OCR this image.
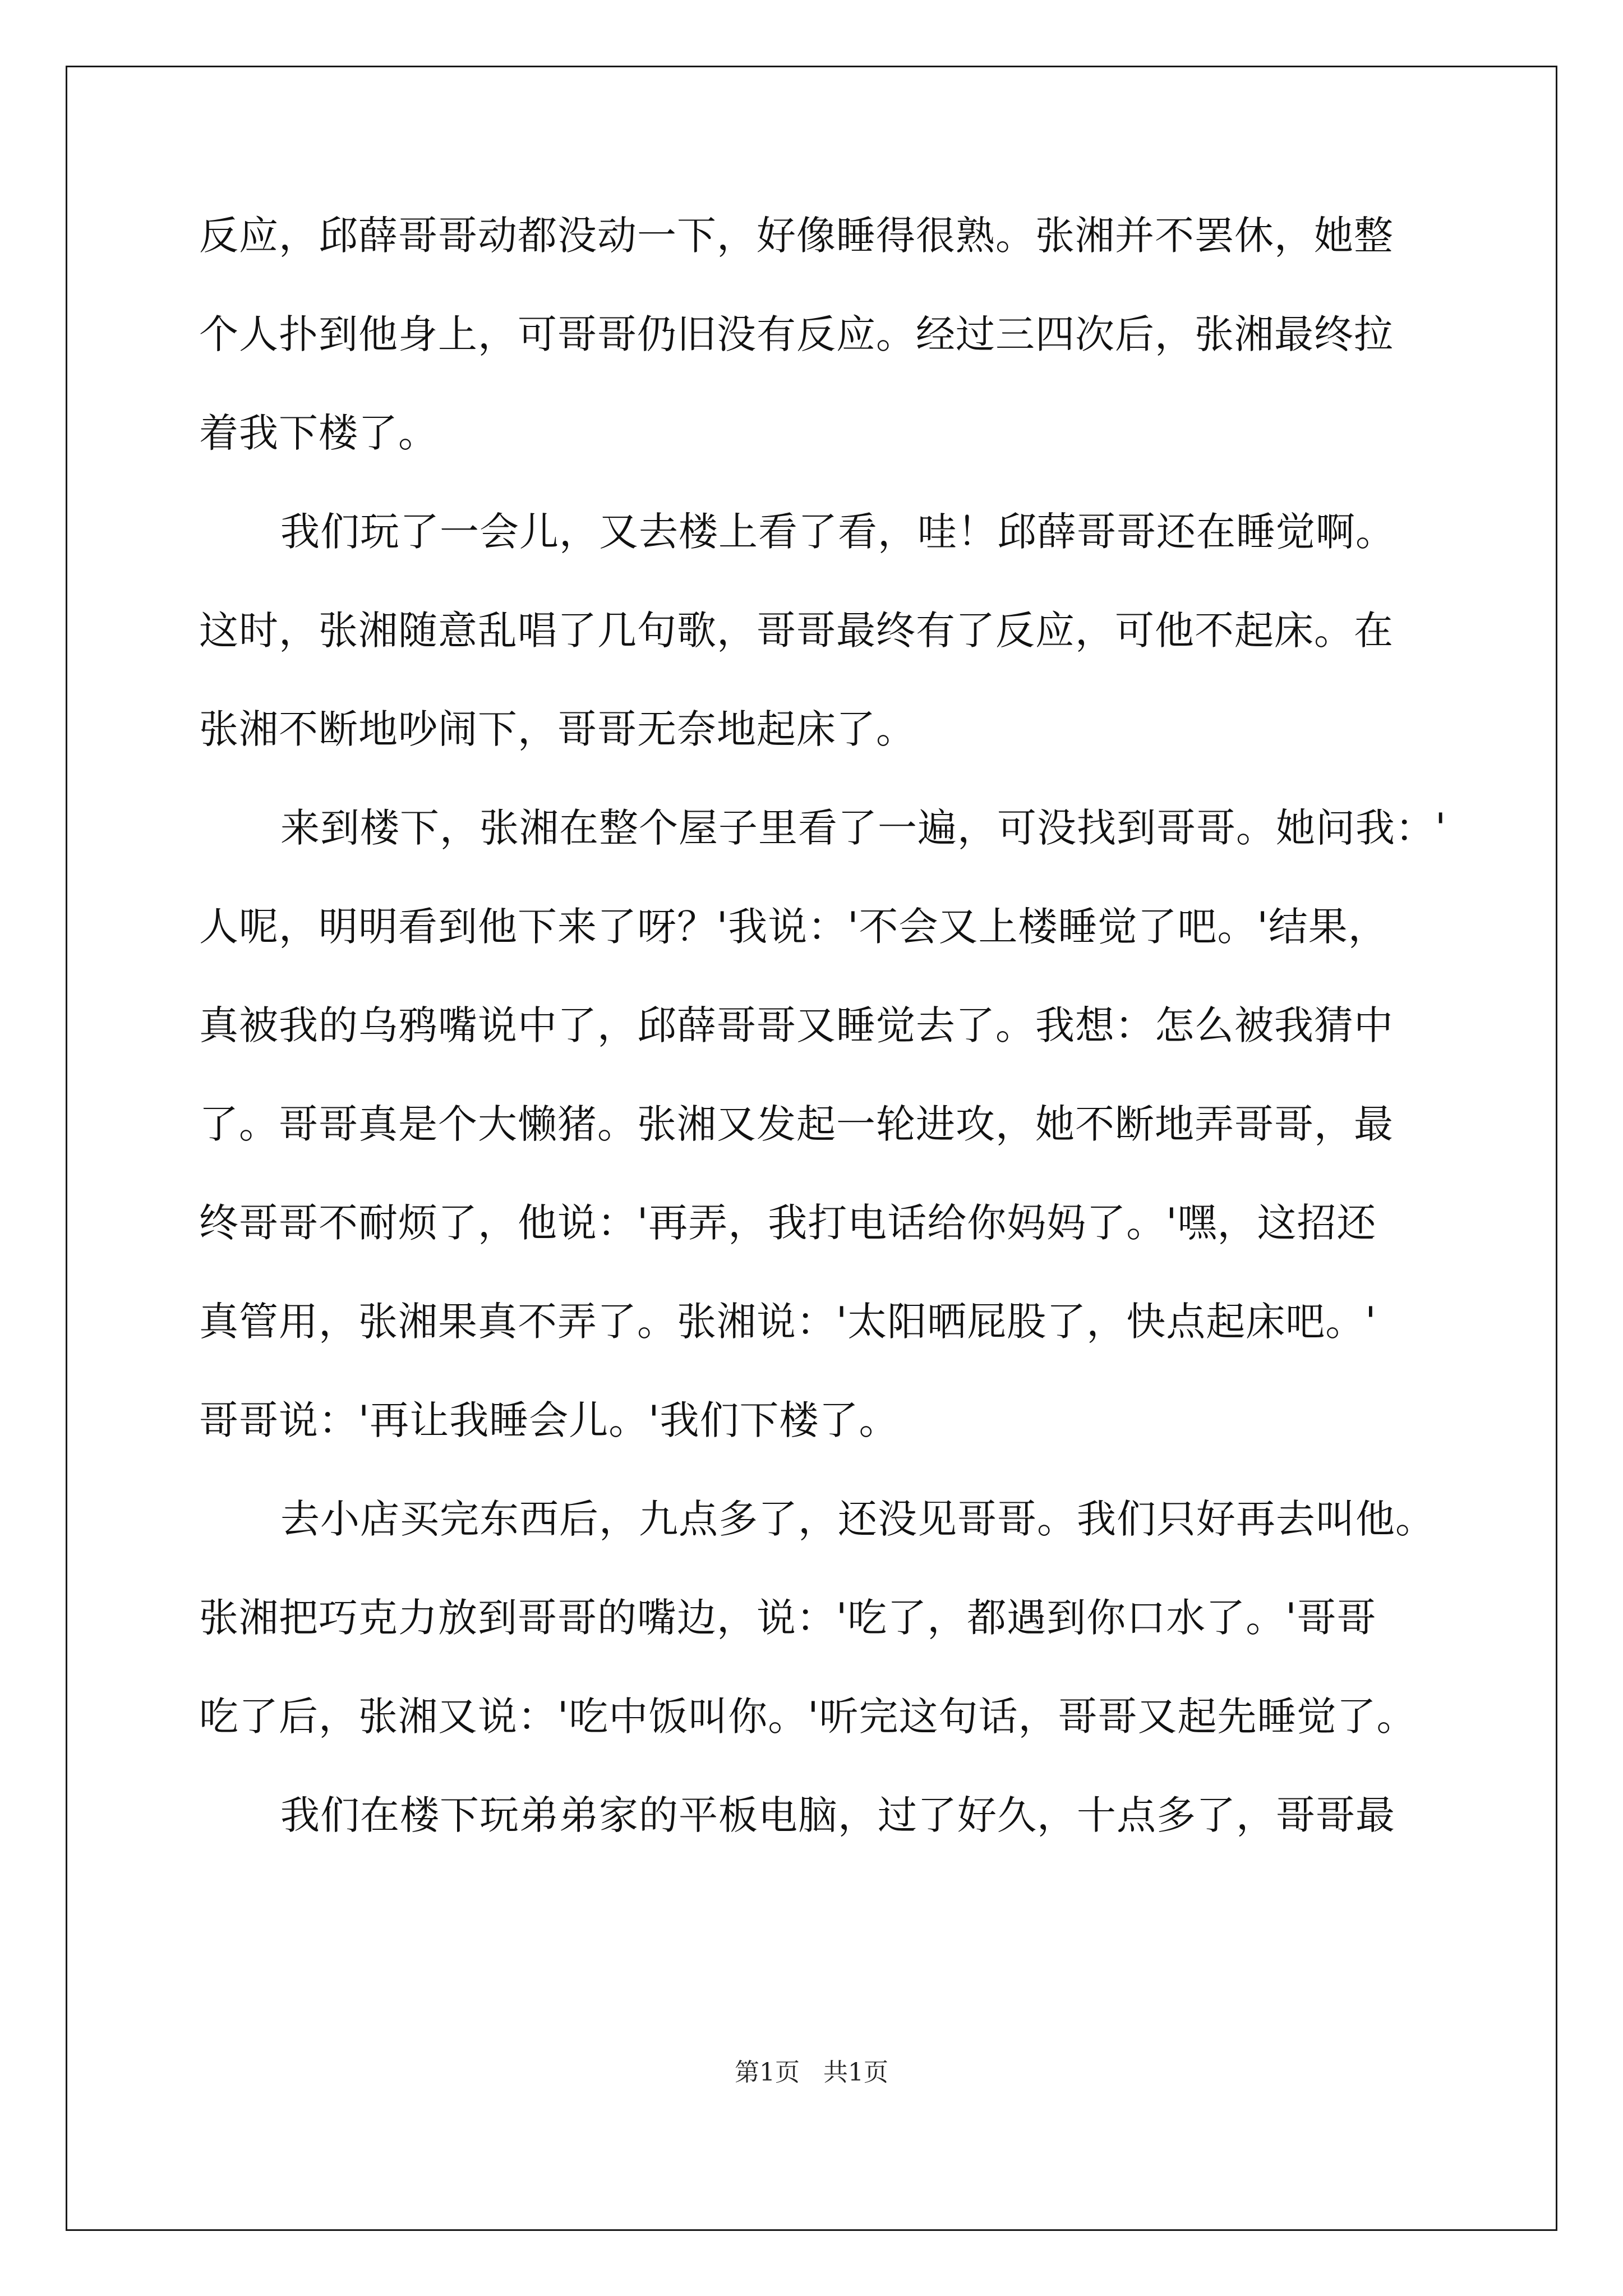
反应，邱薛哥哥动都没动一下，好像睡得很熟。张湘并不罢休，她整
个人扑到他身上，可哥哥仍旧没有反应。经过三四次后，张湘最终拉
着我下楼了。
我们玩了一会儿，又去楼上看了看，哇！邱薛哥哥还在睡觉啊。
这时，张湘随意乱唱了几句歌，哥哥最终有了反应，可他不起床。在
张湘不断地吵闹下，哥哥无奈地起床了。
来到楼下，张湘在整个屋子里看了一遍，可没找到哥哥。她问我：'
人呢，明明看到他下来了呀？'我说：'不会又上楼睡觉了吧。'结果，
真被我的乌鸦嘴说中了，邱薛哥哥又睡觉去了。我想：怎么被我猜中
了。哥哥真是个大懒猪。张湘又发起一轮进攻，她不断地弄哥哥，最
终哥哥不耐烦了，他说：'再弄，我打电话给你妈妈了。'嘿，这招还
真管用，张湘果真不弄了。张湘说：'太阳晒屁股了，快点起床吧。'
哥哥说：'再让我睡会儿。'我们下楼了。
去小店买完东西后，九点多了，还没见哥哥。我们只好再去叫他。
张湘把巧克力放到哥哥的嘴边，说：'吃了，都遇到你口水了。'哥哥
吃了后，张湘又说：'吃中饭叫你。'听完这句话，哥哥又起先睡觉了。
我们在楼下玩弟弟家的平板电脑，过了好久，十点多了，哥哥最
第1页 共1页
